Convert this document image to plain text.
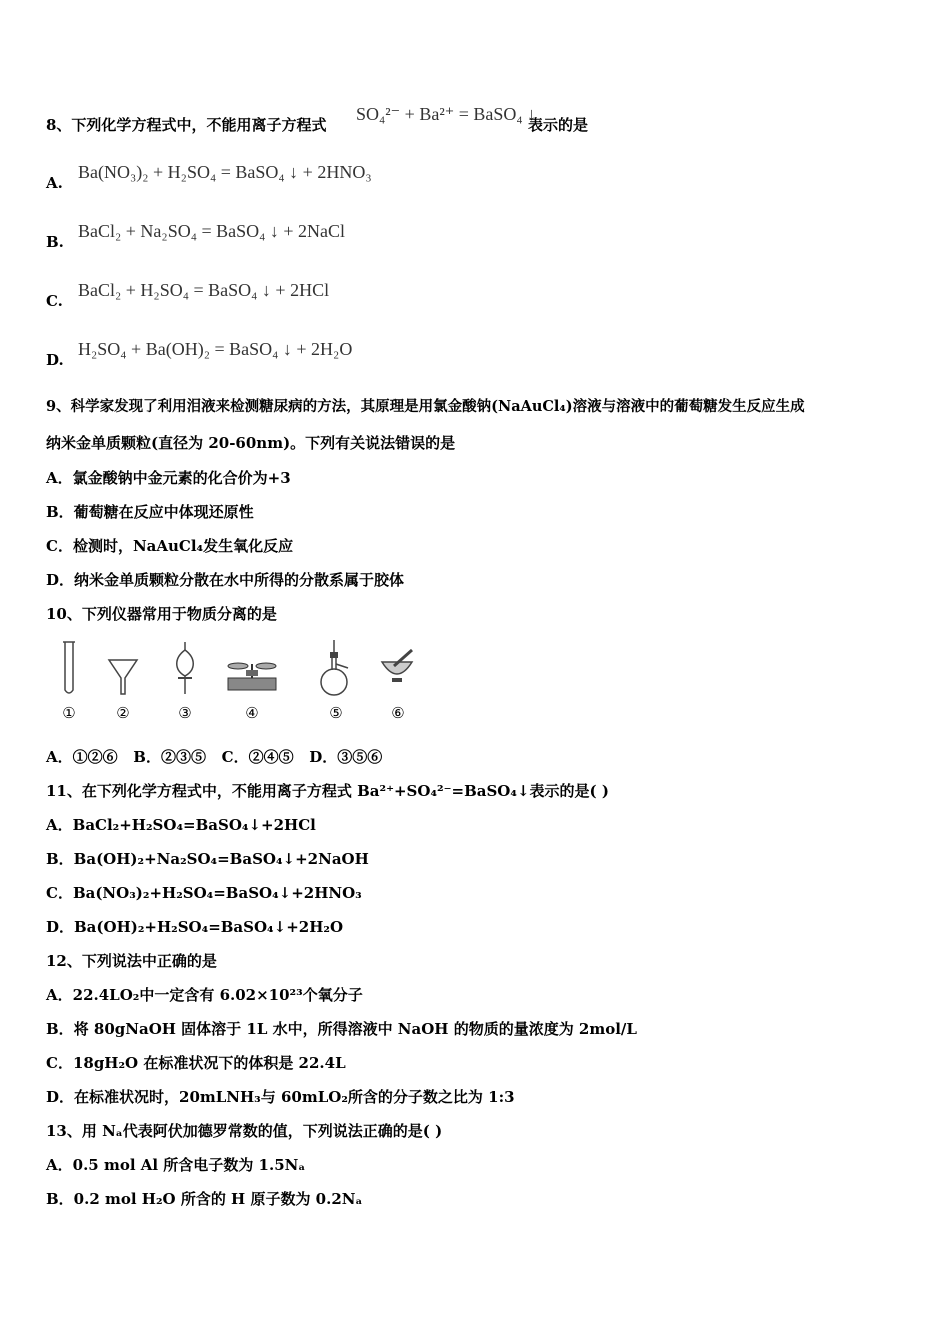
8、下列化学方程式中，不能用离子方程式
SO₄²⁻ + Ba²⁺ = BaSO₄ ↓
表示的是
A.
Ba(NO₃)₂ + H₂SO₄ = BaSO₄ ↓ + 2HNO₃
B.
BaCl₂ + Na₂SO₄ = BaSO₄ ↓ + 2NaCl
C.
BaCl₂ + H₂SO₄ = BaSO₄ ↓ + 2HCl
D.
H₂SO₄ + Ba(OH)₂ = BaSO₄ ↓ + 2H₂O
9、科学家发现了利用泪液来检测糖尿病的方法，其原理是用氯金酸钠(NaAuCl₄)溶液与溶液中的葡萄糖发生反应生成
纳米金单质颗粒(直径为 20-60nm)。下列有关说法错误的是
A．氯金酸钠中金元素的化合价为+3
B．葡萄糖在反应中体现还原性
C．检测时，NaAuCl₄发生氧化反应
D．纳米金单质颗粒分散在水中所得的分散系属于胶体
10、下列仪器常用于物质分离的是
①	②	③	④	⑤	⑥
A．①②⑥   B．②③⑤   C．②④⑤   D．③⑤⑥
11、在下列化学方程式中，不能用离子方程式 Ba²⁺+SO₄²⁻=BaSO₄↓表示的是( )
A．BaCl₂+H₂SO₄=BaSO₄↓+2HCl
B．Ba(OH)₂+Na₂SO₄=BaSO₄↓+2NaOH
C．Ba(NO₃)₂+H₂SO₄=BaSO₄↓+2HNO₃
D．Ba(OH)₂+H₂SO₄=BaSO₄↓+2H₂O
12、下列说法中正确的是
A．22.4LO₂中一定含有 6.02×10²³个氧分子
B．将 80gNaOH 固体溶于 1L 水中，所得溶液中 NaOH 的物质的量浓度为 2mol/L
C．18gH₂O 在标准状况下的体积是 22.4L
D．在标准状况时，20mLNH₃与 60mLO₂所含的分子数之比为 1:3
13、用 Nₐ代表阿伏加德罗常数的值，下列说法正确的是( )
A．0.5 mol Al 所含电子数为 1.5Nₐ
B．0.2 mol H₂O 所含的 H 原子数为 0.2Nₐ
